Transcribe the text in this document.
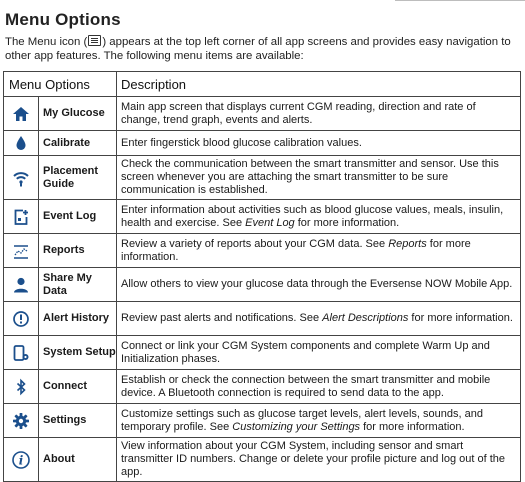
Menu Options
The Menu icon ( ) appears at the top left corner of all app screens and provides easy navigation to other app features. The following menu items are available:
Menu Options		Description

	My Glucose	Main app screen that displays current CGM reading, direction and rate of change, trend graph, events and alerts.

	Calibrate	Enter fingerstick blood glucose calibration values.

	Placement Guide	Check the communication between the smart transmitter and sensor. Use this screen whenever you are attaching the smart transmitter to be sure communication is established.

	Event Log	Enter information about activities such as blood glucose values, meals, insulin, health and exercise. See Event Log for more information.

	Reports	Review a variety of reports about your CGM data. See Reports for more information.

	Share My Data	Allow others to view your glucose data through the Eversense NOW Mobile App.

	Alert History	Review past alerts and notifications. See Alert Descriptions for more information.

	System Setup	Connect or link your CGM System components and complete Warm Up and Initialization phases.

	Connect	Establish or check the connection between the smart transmitter and mobile device. A Bluetooth connection is required to send data to the app.

	Settings	Customize settings such as glucose target levels, alert levels, sounds, and temporary profile. See Customizing your Settings for more information.

i	About	View information about your CGM System, including sensor and smart transmitter ID numbers. Change or delete your profile picture and log out of the app.
